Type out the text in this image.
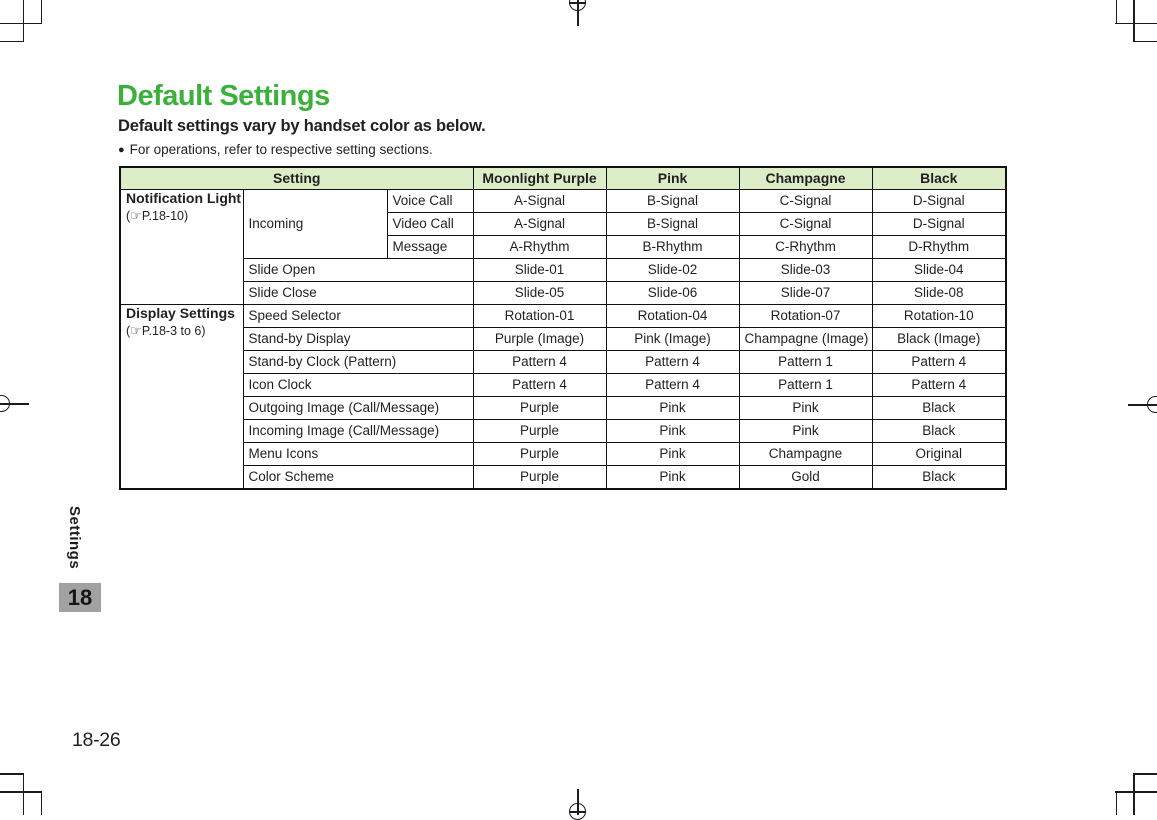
Default Settings
Default settings vary by handset color as below.
● For operations, refer to respective setting sections.
Setting			Moonlight Purple	Pink	Champagne	Black

Notification Light
(☞P.18-10)	Incoming	Voice Call	A-Signal	B-Signal	C-Signal	D-Signal
		Video Call	A-Signal	B-Signal	C-Signal	D-Signal
		Message	A-Rhythm	B-Rhythm	C-Rhythm	D-Rhythm
	Slide Open		Slide-01	Slide-02	Slide-03	Slide-04
	Slide Close		Slide-05	Slide-06	Slide-07	Slide-08

Display Settings
(☞P.18-3 to 6)	Speed Selector		Rotation-01	Rotation-04	Rotation-07	Rotation-10
	Stand-by Display		Purple (Image)	Pink (Image)	Champagne (Image)	Black (Image)
	Stand-by Clock (Pattern)		Pattern 4	Pattern 4	Pattern 1	Pattern 4
	Icon Clock		Pattern 4	Pattern 4	Pattern 1	Pattern 4
	Outgoing Image (Call/Message)		Purple	Pink	Pink	Black
	Incoming Image (Call/Message)		Purple	Pink	Pink	Black
	Menu Icons		Purple	Pink	Champagne	Original
	Color Scheme		Purple	Pink	Gold	Black
Settings
18
18-26
